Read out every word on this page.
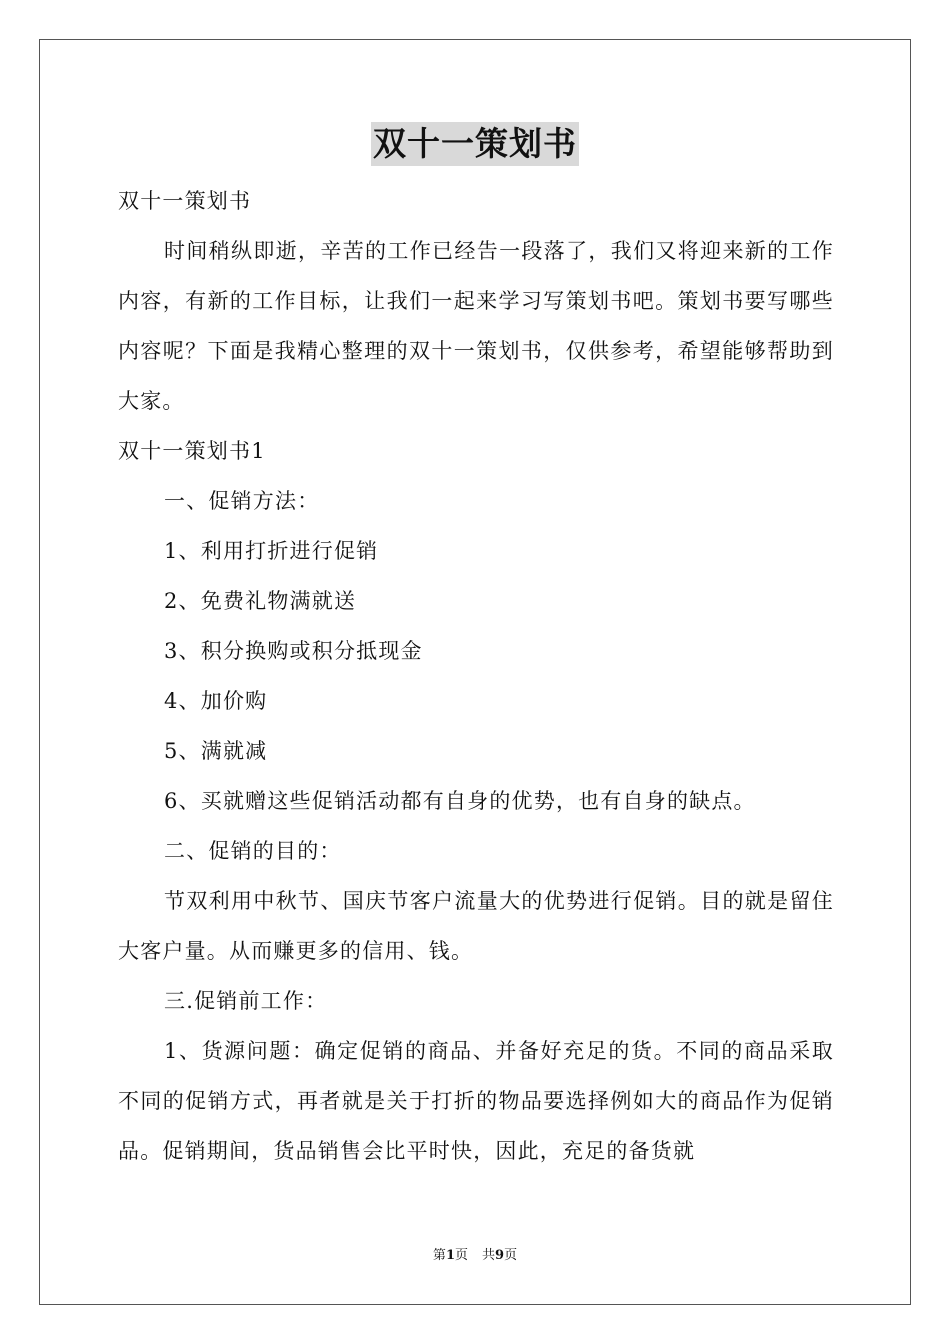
双十一策划书
双十一策划书
时间稍纵即逝，辛苦的工作已经告一段落了，我们又将迎来新的工作内容，有新的工作目标，让我们一起来学习写策划书吧。策划书要写哪些内容呢？下面是我精心整理的双十一策划书，仅供参考，希望能够帮助到大家。
双十一策划书1
一、促销方法：
1、利用打折进行促销
2、免费礼物满就送
3、积分换购或积分抵现金
4、加价购
5、满就减
6、买就赠这些促销活动都有自身的优势，也有自身的缺点。
二、促销的目的：
节双利用中秋节、国庆节客户流量大的优势进行促销。目的就是留住大客户量。从而赚更多的信用、钱。
三.促销前工作：
1、货源问题：确定促销的商品、并备好充足的货。不同的商品采取不同的促销方式，再者就是关于打折的物品要选择例如大的商品作为促销品。促销期间，货品销售会比平时快，因此，充足的备货就
第1页 共9页
